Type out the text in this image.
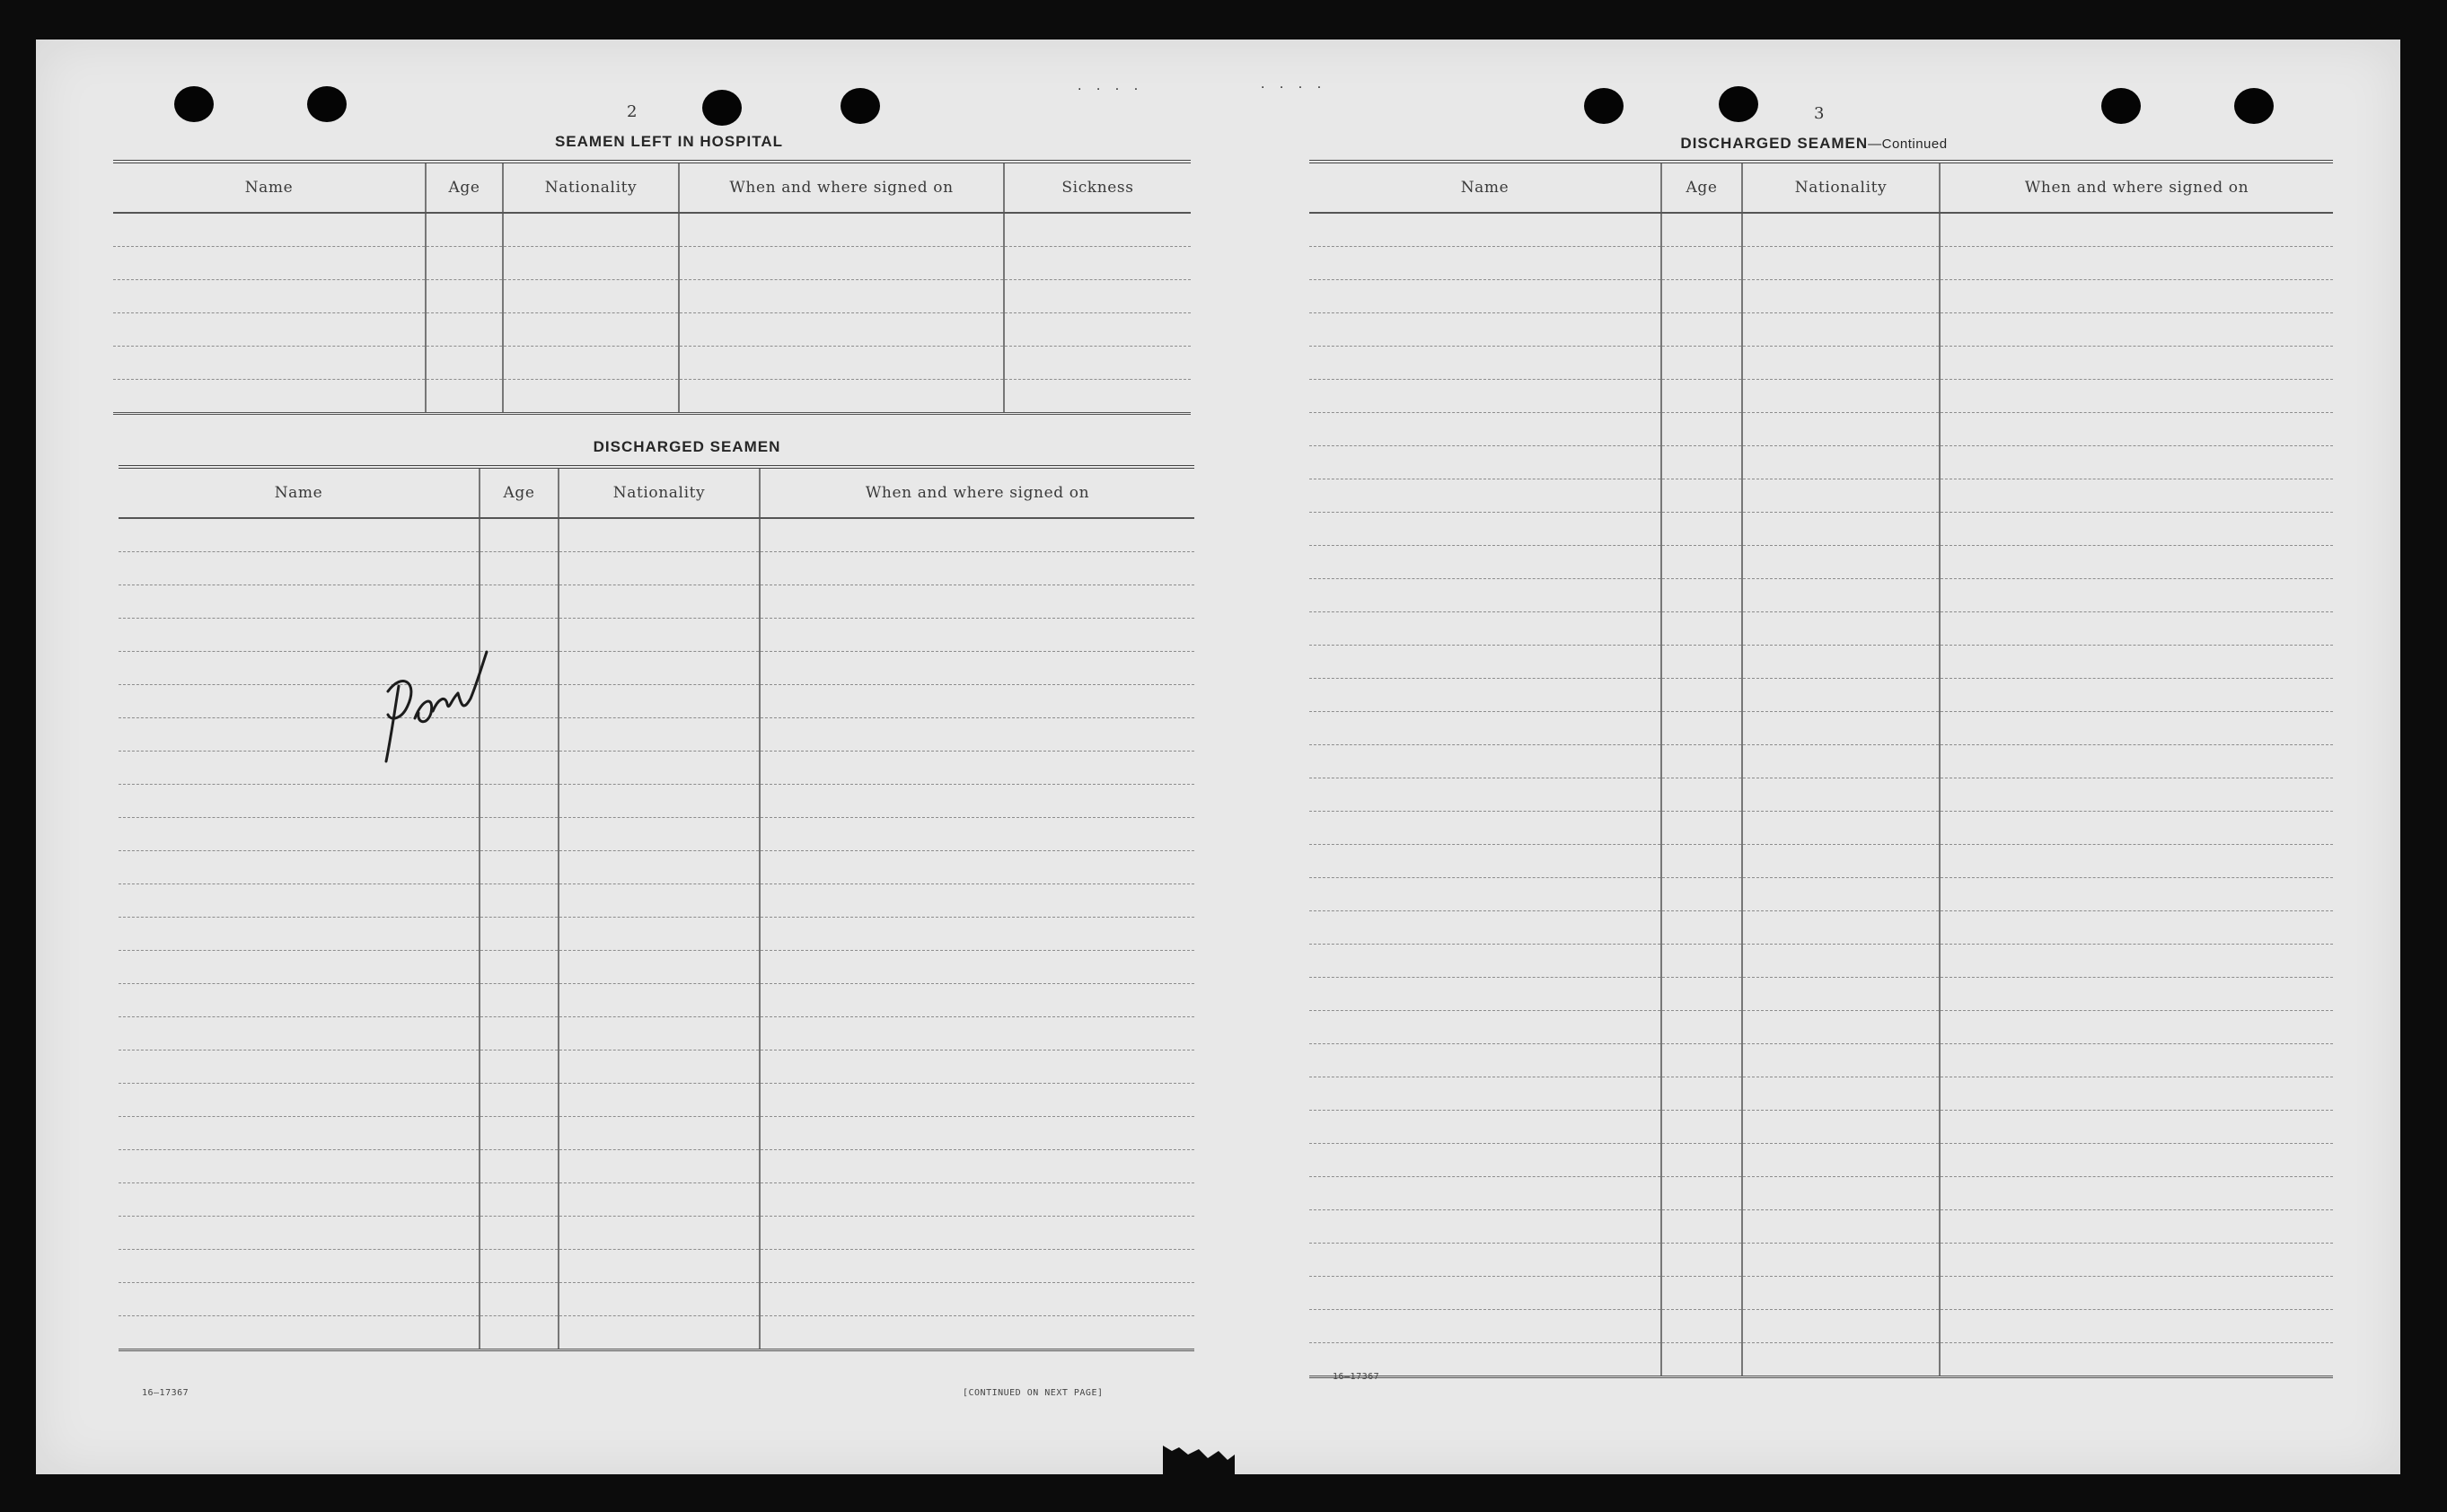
· · · ·	· · · ·
2
SEAMEN LEFT IN HOSPITAL
Name	Age	Nationality	When and where signed on	Sickness

DISCHARGED SEAMEN
Name	Age	Nationality	When and where signed on

16—17367	[CONTINUED ON NEXT PAGE]
3
DISCHARGED SEAMEN—Continued
Name	Age	Nationality	When and where signed on

16—17367
